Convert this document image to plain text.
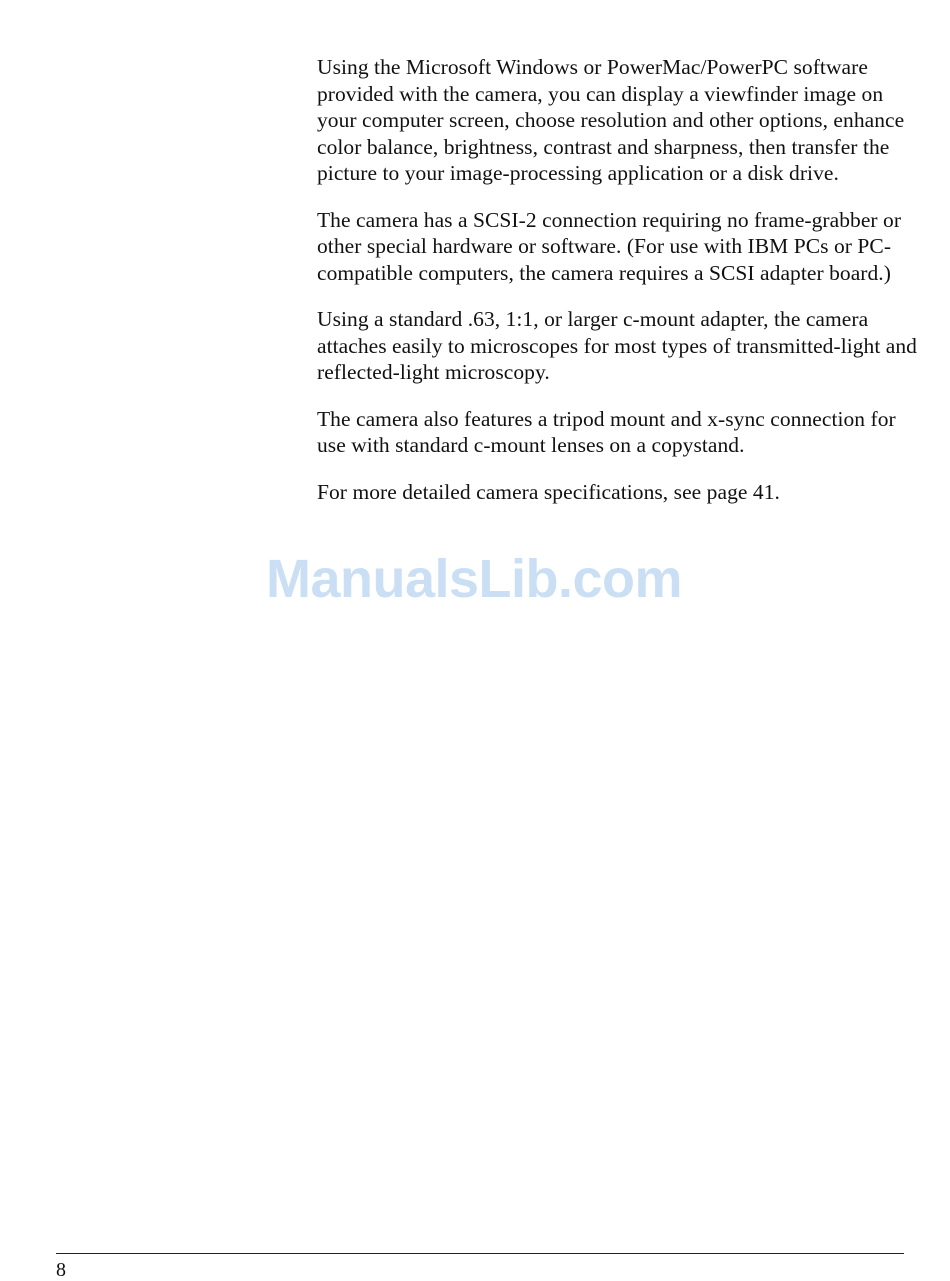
Using the Microsoft Windows or PowerMac/PowerPC software provided with the camera, you can display a viewfinder image on your computer screen, choose resolution and other options, enhance color balance, brightness, contrast and sharpness, then transfer the picture to your image-processing application or a disk drive.

The camera has a SCSI-2 connection requiring no frame-grabber or other special hardware or software. (For use with IBM PCs or PC-compatible computers, the camera requires a SCSI adapter board.)

Using a standard .63, 1:1, or larger c-mount adapter, the camera attaches easily to microscopes for most types of transmitted-light and reflected-light microscopy.

The camera also features a tripod mount and x-sync connection for use with standard c-mount lenses on a copystand.

For more detailed camera specifications, see page 41.

ManualsLib.com
8
